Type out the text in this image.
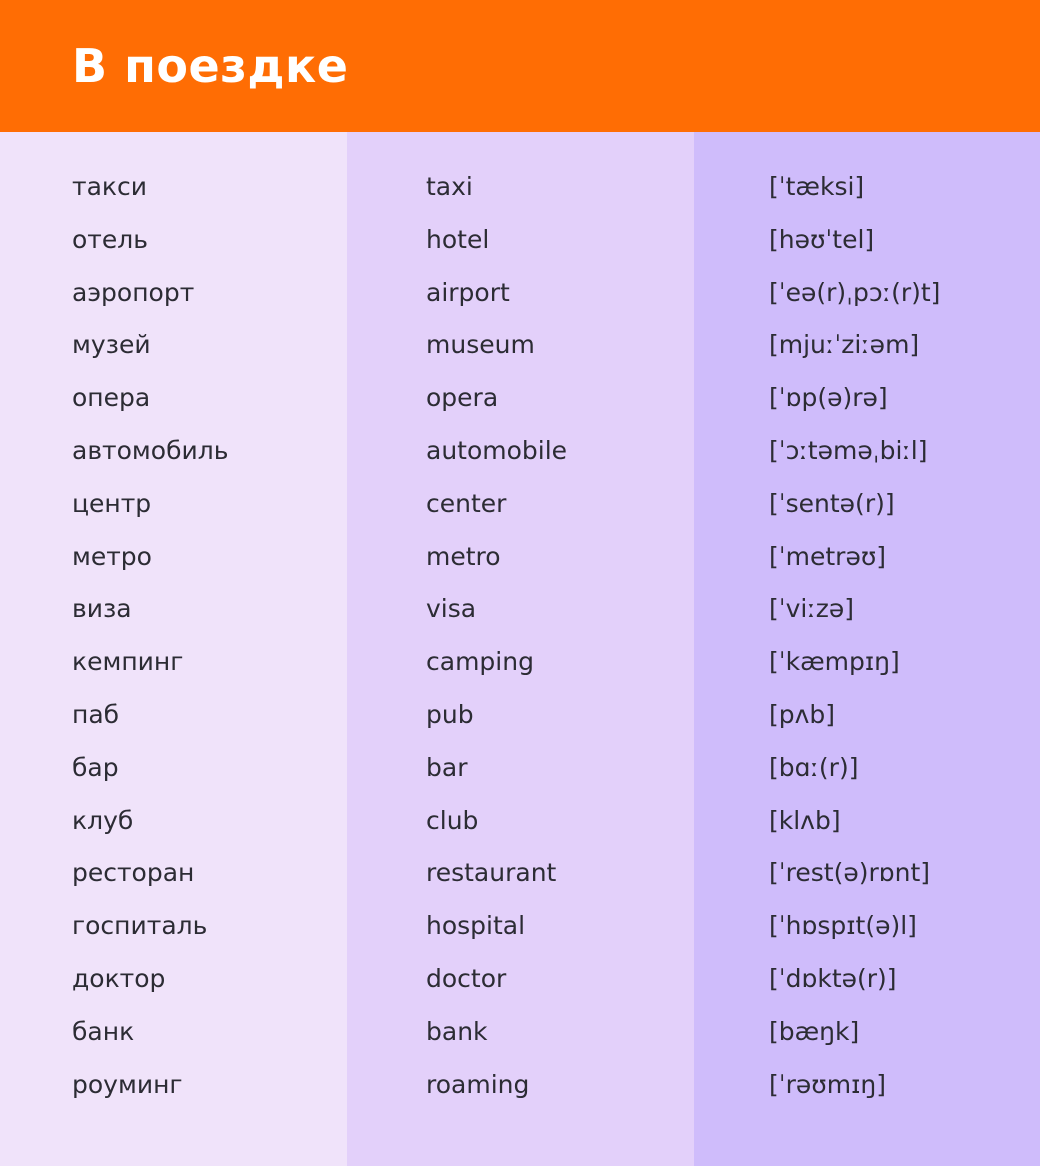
В поездке
такси
отель
аэропорт
музей
опера
автомобиль
центр
метро
виза
кемпинг
паб
бар
клуб
ресторан
госпиталь
доктор
банк
роуминг
taxi
hotel
airport
museum
opera
automobile
center
metro
visa
camping
pub
bar
club
restaurant
hospital
doctor
bank
roaming
[ˈtæksi]
[həʊˈtel]
[ˈeə(r)ˌpɔː(r)t]
[mjuːˈziːəm]
[ˈɒp(ə)rə]
[ˈɔːtəməˌbiːl]
[ˈsentə(r)]
[ˈmetrəʊ]
[ˈviːzə]
[ˈkæmpɪŋ]
[pʌb]
[bɑː(r)]
[klʌb]
[ˈrest(ə)rɒnt]
[ˈhɒspɪt(ə)l]
[ˈdɒktə(r)]
[bæŋk]
[ˈrəʊmɪŋ]
